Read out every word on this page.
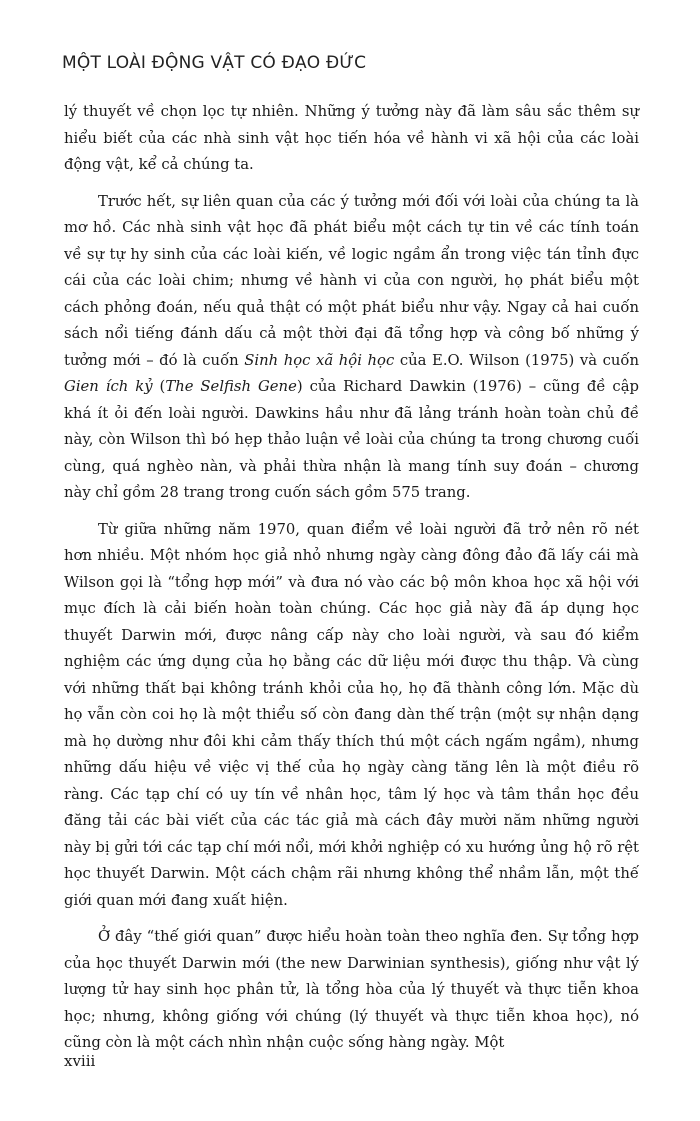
MỘT LOÀI ĐỘNG VẬT CÓ ĐẠO ĐỨC

lý thuyết về chọn lọc tự nhiên. Những ý tưởng này đã làm sâu sắc thêm sự hiểu biết của các nhà sinh vật học tiến hóa về hành vi xã hội của các loài động vật, kể cả chúng ta.

Trước hết, sự liên quan của các ý tưởng mới đối với loài của chúng ta là mơ hồ. Các nhà sinh vật học đã phát biểu một cách tự tin về các tính toán về sự tự hy sinh của các loài kiến, về logic ngầm ẩn trong việc tán tỉnh đực cái của các loài chim; nhưng về hành vi của con người, họ phát biểu một cách phỏng đoán, nếu quả thật có một phát biểu như vậy. Ngay cả hai cuốn sách nổi tiếng đánh dấu cả một thời đại đã tổng hợp và công bố những ý tưởng mới – đó là cuốn Sinh học xã hội học của E.O. Wilson (1975) và cuốn Gien ích kỷ (The Selfish Gene) của Richard Dawkin (1976) – cũng đề cập khá ít ỏi đến loài người. Dawkins hầu như đã lảng tránh hoàn toàn chủ đề này, còn Wilson thì bó hẹp thảo luận về loài của chúng ta trong chương cuối cùng, quá nghèo nàn, và phải thừa nhận là mang tính suy đoán – chương này chỉ gồm 28 trang trong cuốn sách gồm 575 trang.

Từ giữa những năm 1970, quan điểm về loài người đã trở nên rõ nét hơn nhiều. Một nhóm học giả nhỏ nhưng ngày càng đông đảo đã lấy cái mà Wilson gọi là “tổng hợp mới” và đưa nó vào các bộ môn khoa học xã hội với mục đích là cải biến hoàn toàn chúng. Các học giả này đã áp dụng học thuyết Darwin mới, được nâng cấp này cho loài người, và sau đó kiểm nghiệm các ứng dụng của họ bằng các dữ liệu mới được thu thập. Và cùng với những thất bại không tránh khỏi của họ, họ đã thành công lớn. Mặc dù họ vẫn còn coi họ là một thiểu số còn đang dàn thế trận (một sự nhận dạng mà họ dường như đôi khi cảm thấy thích thú một cách ngấm ngầm), nhưng những dấu hiệu về việc vị thế của họ ngày càng tăng lên là một điều rõ ràng. Các tạp chí có uy tín về nhân học, tâm lý học và tâm thần học đều đăng tải các bài viết của các tác giả mà cách đây mười năm những người này bị gửi tới các tạp chí mới nổi, mới khởi nghiệp có xu hướng ủng hộ rõ rệt học thuyết Darwin. Một cách chậm rãi nhưng không thể nhầm lẫn, một thế giới quan mới đang xuất hiện.

Ở đây “thế giới quan” được hiểu hoàn toàn theo nghĩa đen. Sự tổng hợp của học thuyết Darwin mới (the new Darwinian synthesis), giống như vật lý lượng tử hay sinh học phân tử, là tổng hòa của lý thuyết và thực tiễn khoa học; nhưng, không giống với chúng (lý thuyết và thực tiễn khoa học), nó cũng còn là một cách nhìn nhận cuộc sống hàng ngày. Một

xviii
